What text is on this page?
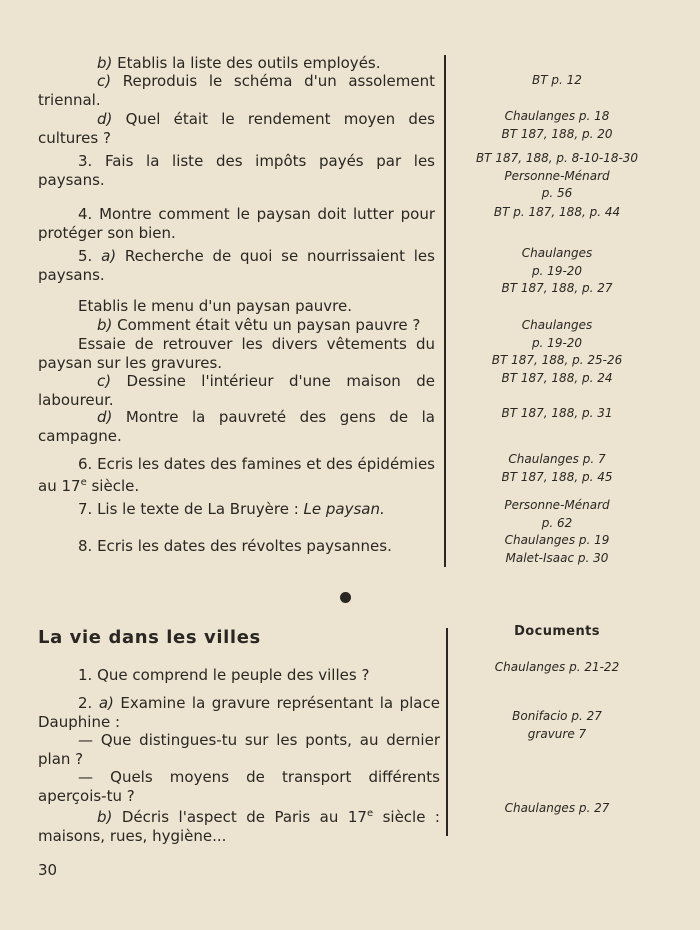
b) Etablis la liste des outils employés.
c) Reproduis le schéma d'un assolement triennal.
d) Quel était le rendement moyen des cultures ?
3. Fais la liste des impôts payés par les paysans.
4. Montre comment le paysan doit lutter pour protéger son bien.
5. a) Recherche de quoi se nourrissaient les paysans.
Etablis le menu d'un paysan pauvre.
b) Comment était vêtu un paysan pauvre ?
Essaie de retrouver les divers vêtements du paysan sur les gravures.
c) Dessine l'intérieur d'une maison de laboureur.
d) Montre la pauvreté des gens de la campagne.
6. Ecris les dates des famines et des épidémies au 17e siècle.
7. Lis le texte de La Bruyère : Le paysan.
8. Ecris les dates des révoltes paysannes.
BT p. 12
Chaulanges p. 18
BT 187, 188, p. 20
BT 187, 188, p. 8-10-18-30
Personne-Ménard
p. 56
BT p. 187, 188, p. 44
Chaulanges
p. 19-20
BT 187, 188, p. 27
Chaulanges
p. 19-20
BT 187, 188, p. 25-26
BT 187, 188, p. 24
BT 187, 188, p. 31
Chaulanges p. 7
BT 187, 188, p. 45
Personne-Ménard
p. 62
Chaulanges p. 19
Malet-Isaac p. 30
La vie dans les villes	Documents
1. Que comprend le peuple des villes ?
2. a) Examine la gravure représentant la place Dauphine :
— Que distingues-tu sur les ponts, au dernier plan ?
— Quels moyens de transport différents aperçois-tu ?
b) Décris l'aspect de Paris au 17e siècle : maisons, rues, hygiène...
Chaulanges p. 21-22
Bonifacio p. 27
gravure 7
Chaulanges p. 27
30
